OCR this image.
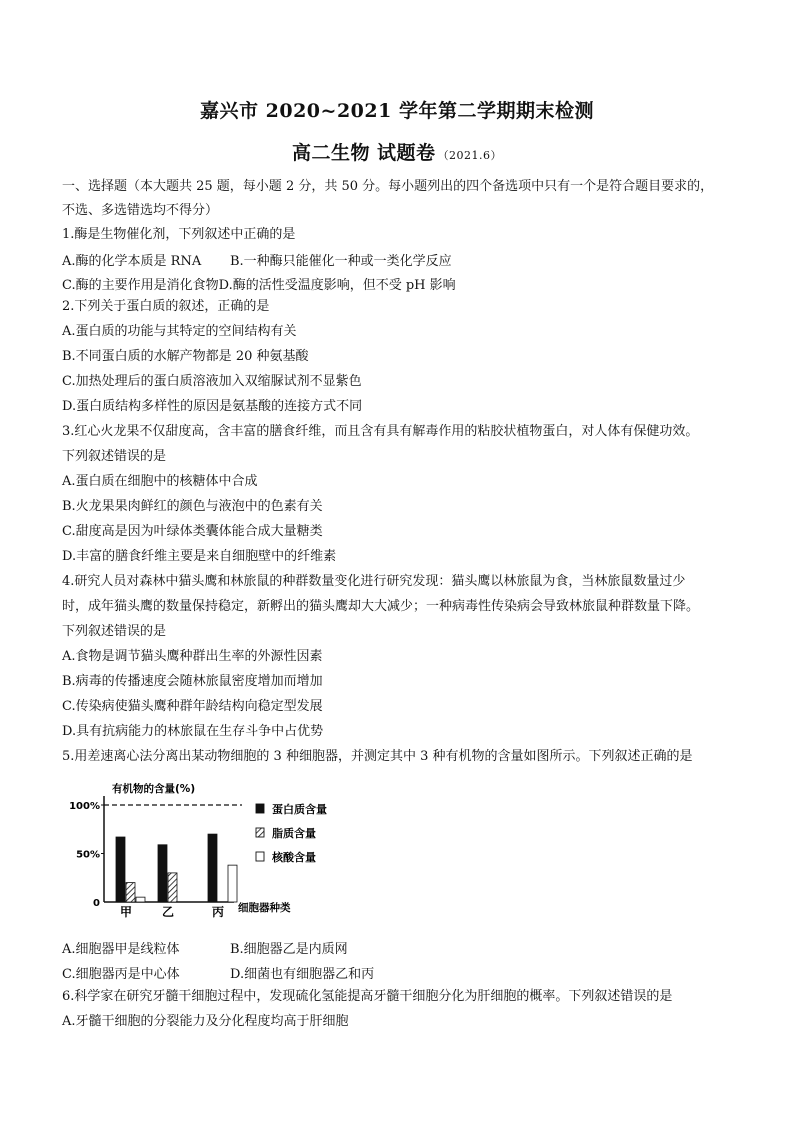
嘉兴市 2020~2021 学年第二学期期末检测
高二生物 试题卷 （2021.6）
一、选择题（本大题共 25 题，每小题 2 分，共 50 分。每小题列出的四个备选项中只有一个是符合题目要求的，
不选、多选错选均不得分）
1.酶是生物催化剂，下列叙述中正确的是
A.酶的化学本质是 RNA B.一种酶只能催化一种或一类化学反应
C.酶的主要作用是消化食物D.酶的活性受温度影响，但不受 pH 影响
2.下列关于蛋白质的叙述，正确的是
A.蛋白质的功能与其特定的空间结构有关
B.不同蛋白质的水解产物都是 20 种氨基酸
C.加热处理后的蛋白质溶液加入双缩脲试剂不显紫色
D.蛋白质结构多样性的原因是氨基酸的连接方式不同
3.红心火龙果不仅甜度高，含丰富的膳食纤维，而且含有具有解毒作用的粘胶状植物蛋白，对人体有保健功效。
下列叙述错误的是
A.蛋白质在细胞中的核糖体中合成
B.火龙果果肉鲜红的颜色与液泡中的色素有关
C.甜度高是因为叶绿体类囊体能合成大量糖类
D.丰富的膳食纤维主要是来自细胞壁中的纤维素
4.研究人员对森林中猫头鹰和林旅鼠的种群数量变化进行研究发现：猫头鹰以林旅鼠为食，当林旅鼠数量过少
时，成年猫头鹰的数量保持稳定，新孵出的猫头鹰却大大减少；一种病毒性传染病会导致林旅鼠种群数量下降。
下列叙述错误的是
A.食物是调节猫头鹰种群出生率的外源性因素
B.病毒的传播速度会随林旅鼠密度增加而增加
C.传染病使猫头鹰种群年龄结构向稳定型发展
D.具有抗病能力的林旅鼠在生存斗争中占优势
5.用差速离心法分离出某动物细胞的 3 种细胞器，并测定其中 3 种有机物的含量如图所示。下列叙述正确的是
有机物的含量(%)
0
50%
100%
甲 乙	丙 细胞器种类
蛋白质含量
脂质含量
核酸含量
A.细胞器甲是线粒体	B.细胞器乙是内质网
C.细胞器丙是中心体	D.细菌也有细胞器乙和丙
6.科学家在研究牙髓干细胞过程中，发现硫化氢能提高牙髓干细胞分化为肝细胞的概率。下列叙述错误的是
A.牙髓干细胞的分裂能力及分化程度均高于肝细胞
